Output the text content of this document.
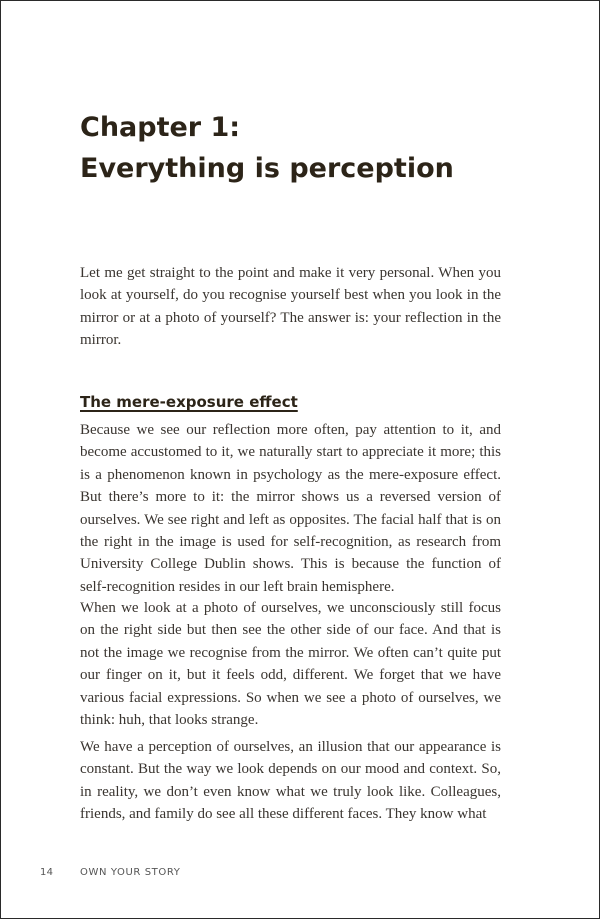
Chapter 1:
Everything is perception

Let me get straight to the point and make it very personal. When you look at yourself, do you recognise yourself best when you look in the mirror or at a photo of yourself? The answer is: your reflection in the mirror.

The mere-exposure effect

Because we see our reflection more often, pay attention to it, and become accustomed to it, we naturally start to appreciate it more; this is a phenomenon known in psychology as the mere-exposure effect. But there’s more to it: the mirror shows us a reversed version of ourselves. We see right and left as opposites. The facial half that is on the right in the image is used for self-recognition, as research from University College Dublin shows. This is because the function of self-recognition resides in our left brain hemisphere.

When we look at a photo of ourselves, we unconsciously still focus on the right side but then see the other side of our face. And that is not the image we recognise from the mirror. We often can’t quite put our finger on it, but it feels odd, different. We forget that we have various facial expressions. So when we see a photo of ourselves, we think: huh, that looks strange.

We have a perception of ourselves, an illusion that our appearance is constant. But the way we look depends on our mood and context. So, in reality, we don’t even know what we truly look like. Colleagues, friends, and family do see all these different faces. They know what

14	OWN YOUR STORY
